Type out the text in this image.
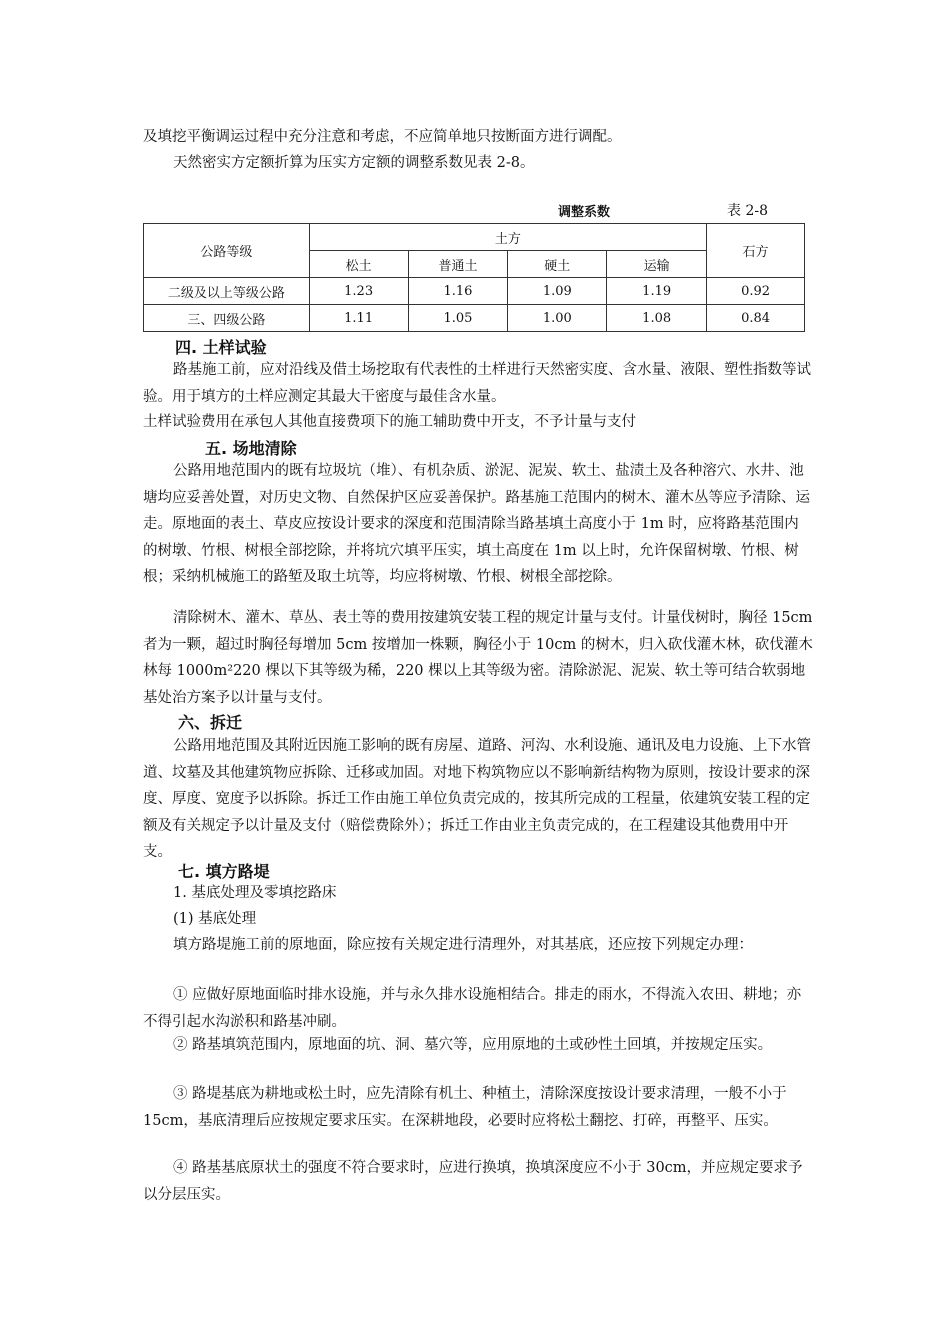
及填挖平衡调运过程中充分注意和考虑，不应简单地只按断面方进行调配。

天然密实方定额折算为压实方定额的调整系数见表 2-8。

调整系数	表 2-8
公路等级	土方				石方
	松土	普通土	硬土	运输	
二级及以上等级公路	1.23	1.16	1.09	1.19	0.92
三、四级公路	1.11	1.05	1.00	1.08	0.84
四. 土样试验

路基施工前，应对沿线及借土场挖取有代表性的土样进行天然密实度、含水量、液限、塑性指数等试验。用于填方的土样应测定其最大干密度与最佳含水量。

土样试验费用在承包人其他直接费项下的施工辅助费中开支，不予计量与支付

五. 场地清除

公路用地范围内的既有垃圾坑（堆）、有机杂质、淤泥、泥炭、软土、盐渍土及各种溶穴、水井、池塘均应妥善处置，对历史文物、自然保护区应妥善保护。路基施工范围内的树木、灌木丛等应予清除、运走。原地面的表土、草皮应按设计要求的深度和范围清除当路基填土高度小于 1m 时，应将路基范围内的树墩、竹根、树根全部挖除，并将坑穴填平压实，填土高度在 1m 以上时，允许保留树墩、竹根、树根；采纳机械施工的路堑及取土坑等，均应将树墩、竹根、树根全部挖除。

清除树木、灌木、草丛、表土等的费用按建筑安装工程的规定计量与支付。计量伐树时，胸径 15cm 者为一颗，超过时胸径每增加 5cm 按增加一株颗，胸径小于 10cm 的树木，归入砍伐灌木林，砍伐灌木林每 1000m²220 棵以下其等级为稀，220 棵以上其等级为密。清除淤泥、泥炭、软土等可结合软弱地基处治方案予以计量与支付。

六、拆迁

公路用地范围及其附近因施工影响的既有房屋、道路、河沟、水利设施、通讯及电力设施、上下水管道、坟墓及其他建筑物应拆除、迁移或加固。对地下构筑物应以不影响新结构物为原则，按设计要求的深度、厚度、宽度予以拆除。拆迁工作由施工单位负责完成的，按其所完成的工程量，依建筑安装工程的定额及有关规定予以计量及支付（赔偿费除外）；拆迁工作由业主负责完成的，在工程建设其他费用中开支。

七. 填方路堤

1. 基底处理及零填挖路床

(1) 基底处理

填方路堤施工前的原地面，除应按有关规定进行清理外，对其基底，还应按下列规定办理：

① 应做好原地面临时排水设施，并与永久排水设施相结合。排走的雨水，不得流入农田、耕地；亦不得引起水沟淤积和路基冲刷。

② 路基填筑范围内，原地面的坑、洞、墓穴等，应用原地的土或砂性土回填，并按规定压实。

③ 路堤基底为耕地或松土时，应先清除有机土、种植土，清除深度按设计要求清理，一般不小于 15cm，基底清理后应按规定要求压实。在深耕地段，必要时应将松土翻挖、打碎，再整平、压实。

④ 路基基底原状土的强度不符合要求时，应进行换填，换填深度应不小于 30cm，并应规定要求予以分层压实。
